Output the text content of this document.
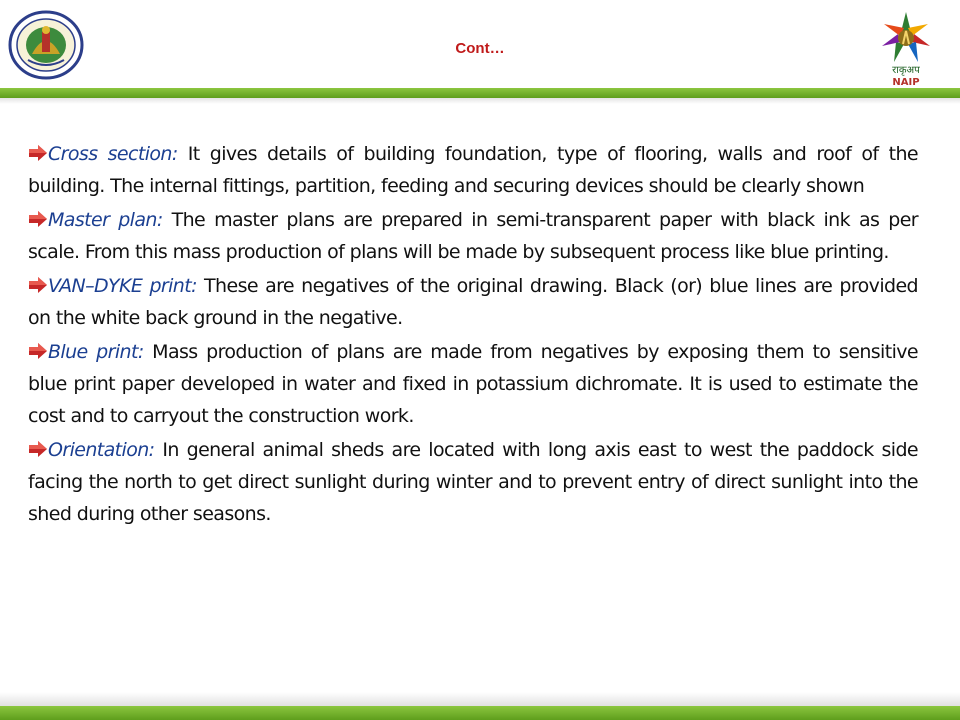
Cont…
राकृअप
NAIP

Cross section: It gives details of building foundation, type of flooring, walls and roof of the building. The internal fittings, partition, feeding and securing devices should be clearly shown

Master plan: The master plans are prepared in semi-transparent paper with black ink as per scale. From this mass production of plans will be made by subsequent process like blue printing.

VAN–DYKE print: These are negatives of the original drawing. Black (or) blue lines are provided on the white back ground in the negative.

Blue print: Mass production of plans are made from negatives by exposing them to sensitive blue print paper developed in water and fixed in potassium dichromate. It is used to estimate the cost and to carryout the construction work.

Orientation: In general animal sheds are located with long axis east to west the paddock side facing the north to get direct sunlight during winter and to prevent entry of direct sunlight into the shed during other seasons.
